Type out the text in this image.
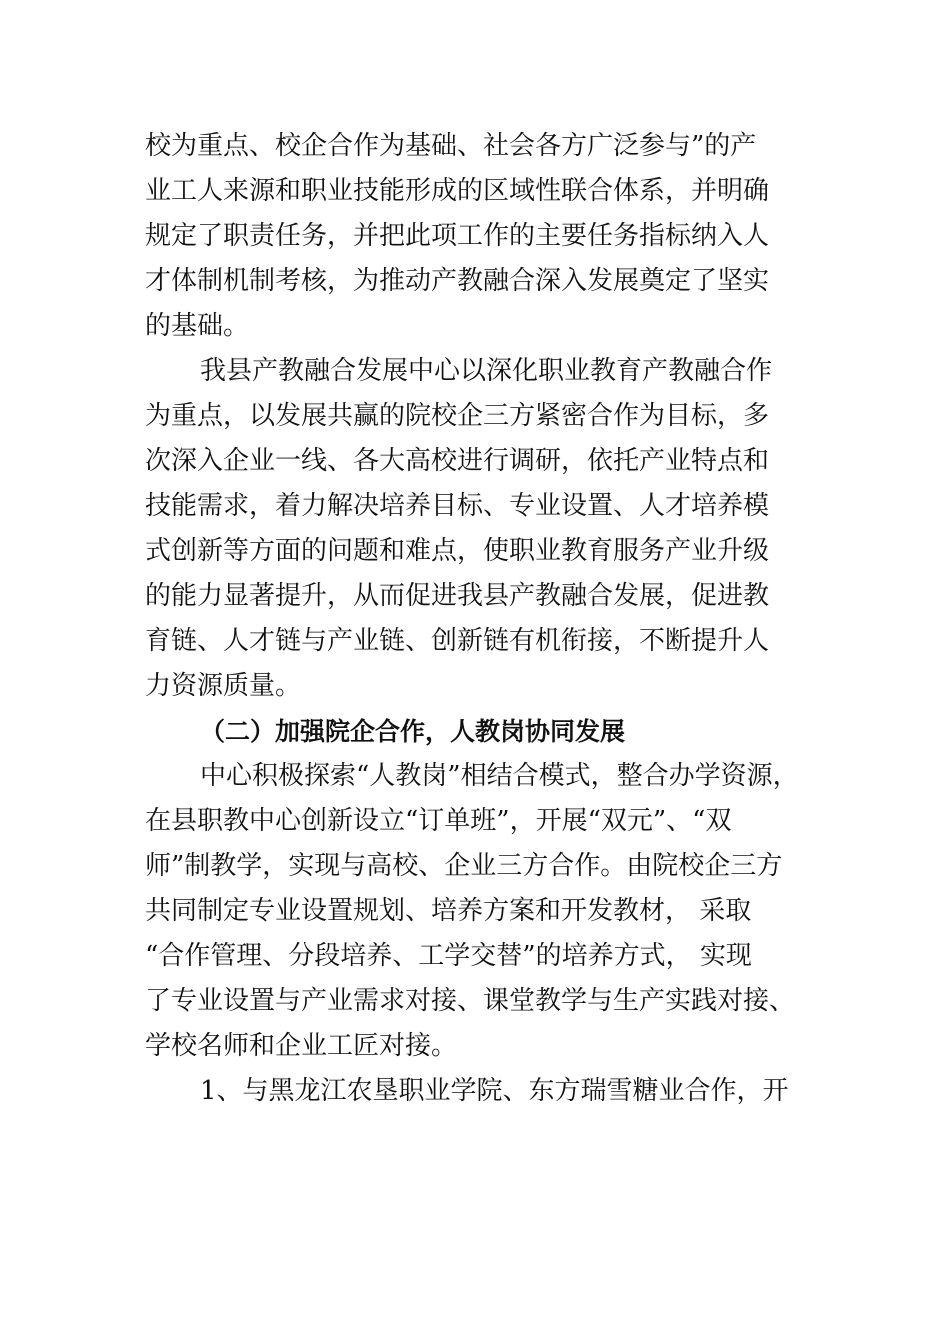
校为重点、校企合作为基础、社会各方广泛参与”的产
业工人来源和职业技能形成的区域性联合体系，并明确
规定了职责任务，并把此项工作的主要任务指标纳入人
才体制机制考核，为推动产教融合深入发展奠定了坚实
的基础。
我县产教融合发展中心以深化职业教育产教融合作
为重点，以发展共赢的院校企三方紧密合作为目标，多
次深入企业一线、各大高校进行调研，依托产业特点和
技能需求，着力解决培养目标、专业设置、人才培养模
式创新等方面的问题和难点，使职业教育服务产业升级
的能力显著提升，从而促进我县产教融合发展，促进教
育链、人才链与产业链、创新链有机衔接，不断提升人
力资源质量。
（二）加强院企合作，人教岗协同发展
中心积极探索“人教岗”相结合模式，整合办学资源，
在县职教中心创新设立“订单班”，开展“双元”、“双
师”制教学，实现与高校、企业三方合作。由院校企三方
共同制定专业设置规划、培养方案和开发教材， 采取
“合作管理、分段培养、工学交替”的培养方式， 实现
了专业设置与产业需求对接、课堂教学与生产实践对接、
学校名师和企业工匠对接。
1、与黑龙江农垦职业学院、东方瑞雪糖业合作，开
